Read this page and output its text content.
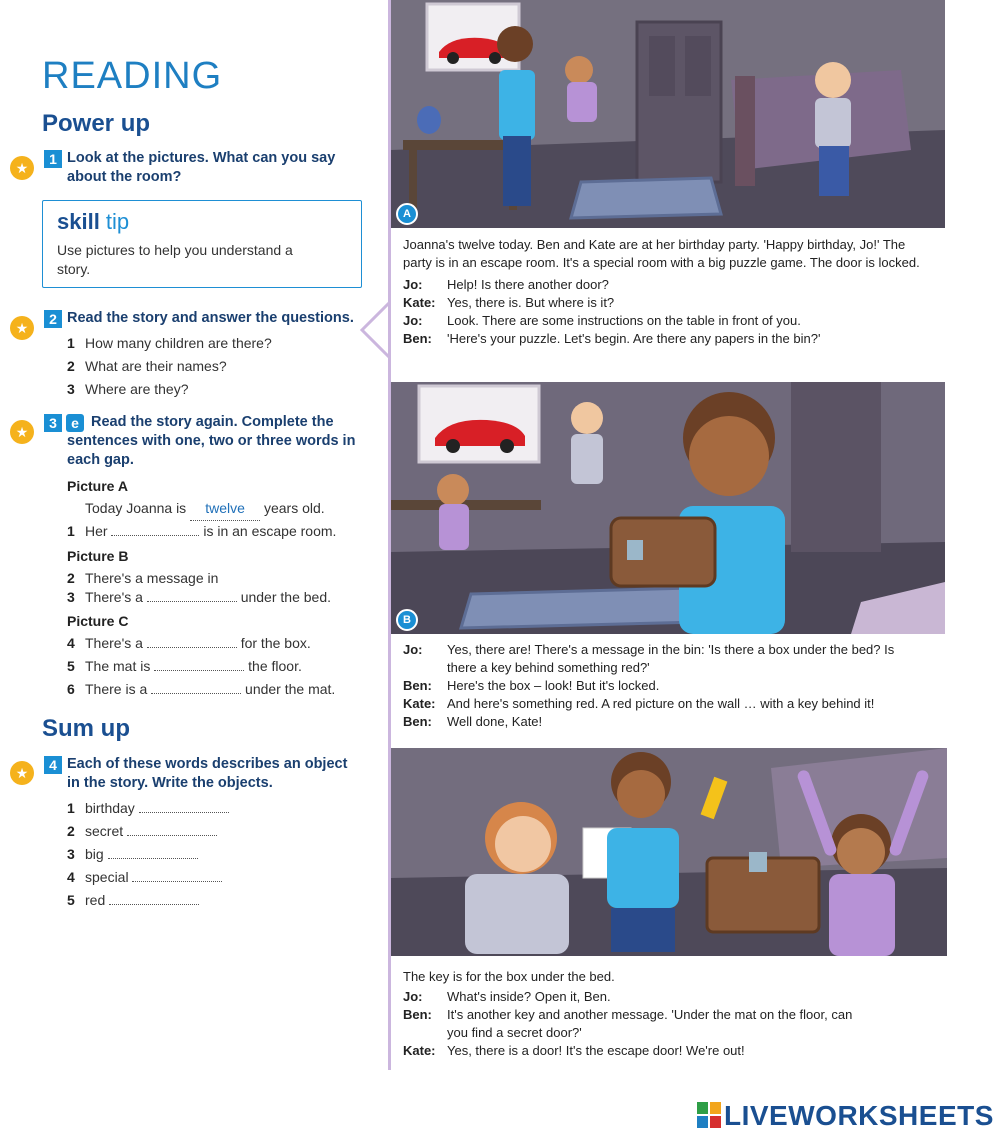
READING
Power up
★
1 Look at the pictures. What can you say about the room?
skill tip
Use pictures to help you understand a story.
★
2 Read the story and answer the questions.
1 How many children are there?
2 What are their names?
3 Where are they?
★
3	e Read the story again. Complete the sentences with one, two or three words in each gap.
Picture A
Today Joanna is twelve years old.
1 Her	is in an escape room.
Picture B
2 There's a message in
3 There's a	under the bed.
Picture C
4 There's a	for the box.
5 The mat is	the floor.
6 There is a	under the mat.
Sum up
★	4 Each of these words describes an object in the story. Write the objects.
1 birthday
2 secret
3 big
4 special
5 red
A
Joanna's twelve today. Ben and Kate are at her birthday party. 'Happy birthday, Jo!' The party is in an escape room. It's a special room with a big puzzle game. The door is locked.
Jo:	Help! Is there another door?
Kate: Yes, there is. But where is it?
Jo:	Look. There are some instructions on the table in front of you.
Ben:	'Here's your puzzle. Let's begin. Are there any papers in the bin?'
B
Jo:	Yes, there are! There's a message in the bin: 'Is there a box under the bed? Is there a key behind something red?'
Ben:	Here's the box – look! But it's locked.
Kate: And here's something red. A red picture on the wall … with a key behind it!
Ben:	Well done, Kate!
The key is for the box under the bed.
Jo:	What's inside? Open it, Ben.
Ben:	It's another key and another message. 'Under the mat on the floor, can you find a secret door?'
Kate: Yes, there is a door! It's the escape door! We're out!
LIVEWORKSHEETS
